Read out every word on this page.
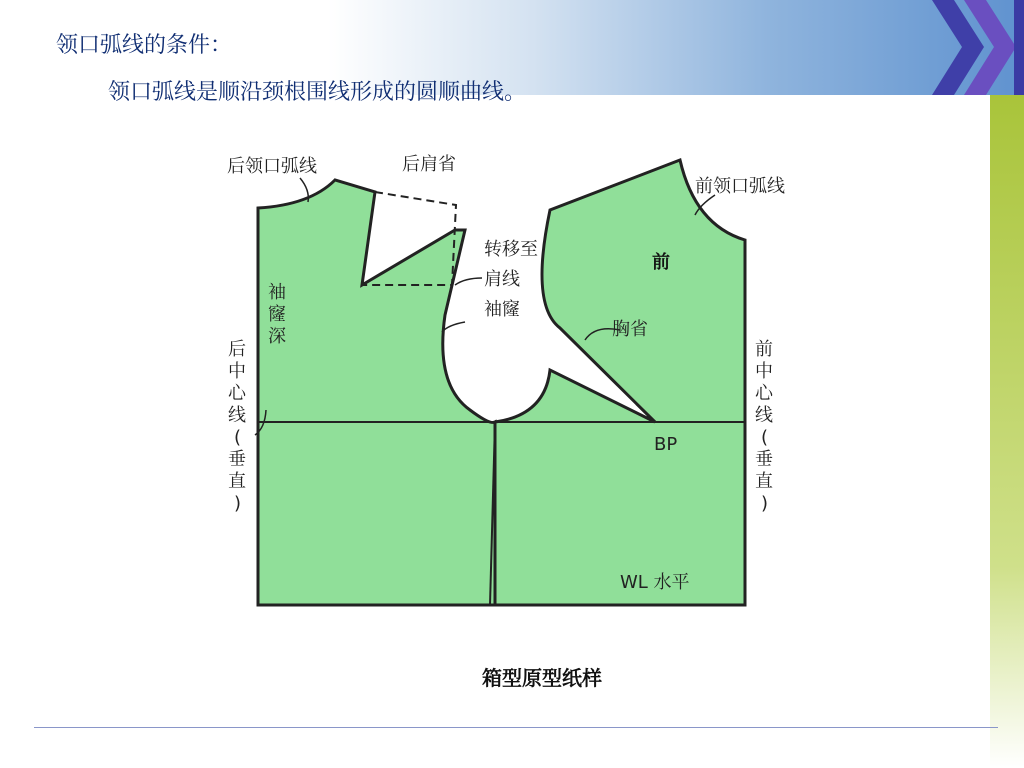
领口弧线的条件：

领口弧线是顺沿颈根围线形成的圆顺曲线。

后领口弧线	后肩省
前领口弧线
转移至
肩线
袖窿
前
胸省
BP
WL 水平
袖
窿
深
后
中
心
线
(
垂
直
)
前
中
心
线
(
垂
直
)
箱型原型纸样
